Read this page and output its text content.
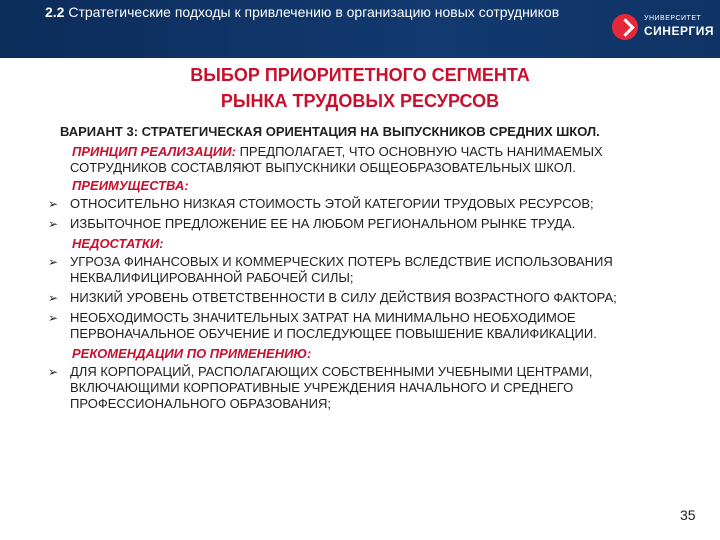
2.2 Стратегические подходы к привлечению в организацию новых сотрудников	УНИВЕРСИТЕТ
СИНЕРГИЯ
ВЫБОР ПРИОРИТЕТНОГО СЕГМЕНТА
РЫНКА ТРУДОВЫХ РЕСУРСОВ
ВАРИАНТ 3: СТРАТЕГИЧЕСКАЯ ОРИЕНТАЦИЯ НА ВЫПУСКНИКОВ СРЕДНИХ ШКОЛ.
ПРИНЦИП РЕАЛИЗАЦИИ: ПРЕДПОЛАГАЕТ, ЧТО ОСНОВНУЮ ЧАСТЬ НАНИМАЕМЫХ СОТРУДНИКОВ СОСТАВЛЯЮТ ВЫПУСКНИКИ ОБЩЕОБРАЗОВАТЕЛЬНЫХ ШКОЛ.
ПРЕИМУЩЕСТВА:
➢ ОТНОСИТЕЛЬНО НИЗКАЯ СТОИМОСТЬ ЭТОЙ КАТЕГОРИИ ТРУДОВЫХ РЕСУРСОВ;
➢ ИЗБЫТОЧНОЕ ПРЕДЛОЖЕНИЕ ЕЕ НА ЛЮБОМ РЕГИОНАЛЬНОМ РЫНКЕ ТРУДА.
НЕДОСТАТКИ:
➢ УГРОЗА ФИНАНСОВЫХ И КОММЕРЧЕСКИХ ПОТЕРЬ ВСЛЕДСТВИЕ ИСПОЛЬЗОВАНИЯ НЕКВАЛИФИЦИРОВАННОЙ РАБОЧЕЙ СИЛЫ;
➢ НИЗКИЙ УРОВЕНЬ ОТВЕТСТВЕННОСТИ В СИЛУ ДЕЙСТВИЯ ВОЗРАСТНОГО ФАКТОРА;
➢ НЕОБХОДИМОСТЬ ЗНАЧИТЕЛЬНЫХ ЗАТРАТ НА МИНИМАЛЬНО НЕОБХОДИМОЕ ПЕРВОНАЧАЛЬНОЕ ОБУЧЕНИЕ И ПОСЛЕДУЮЩЕЕ ПОВЫШЕНИЕ КВАЛИФИКАЦИИ.
РЕКОМЕНДАЦИИ ПО ПРИМЕНЕНИЮ:
➢ ДЛЯ КОРПОРАЦИЙ, РАСПОЛАГАЮЩИХ СОБСТВЕННЫМИ УЧЕБНЫМИ ЦЕНТРАМИ, ВКЛЮЧАЮЩИМИ КОРПОРАТИВНЫЕ УЧРЕЖДЕНИЯ НАЧАЛЬНОГО И СРЕДНЕГО ПРОФЕССИОНАЛЬНОГО ОБРАЗОВАНИЯ;
35
